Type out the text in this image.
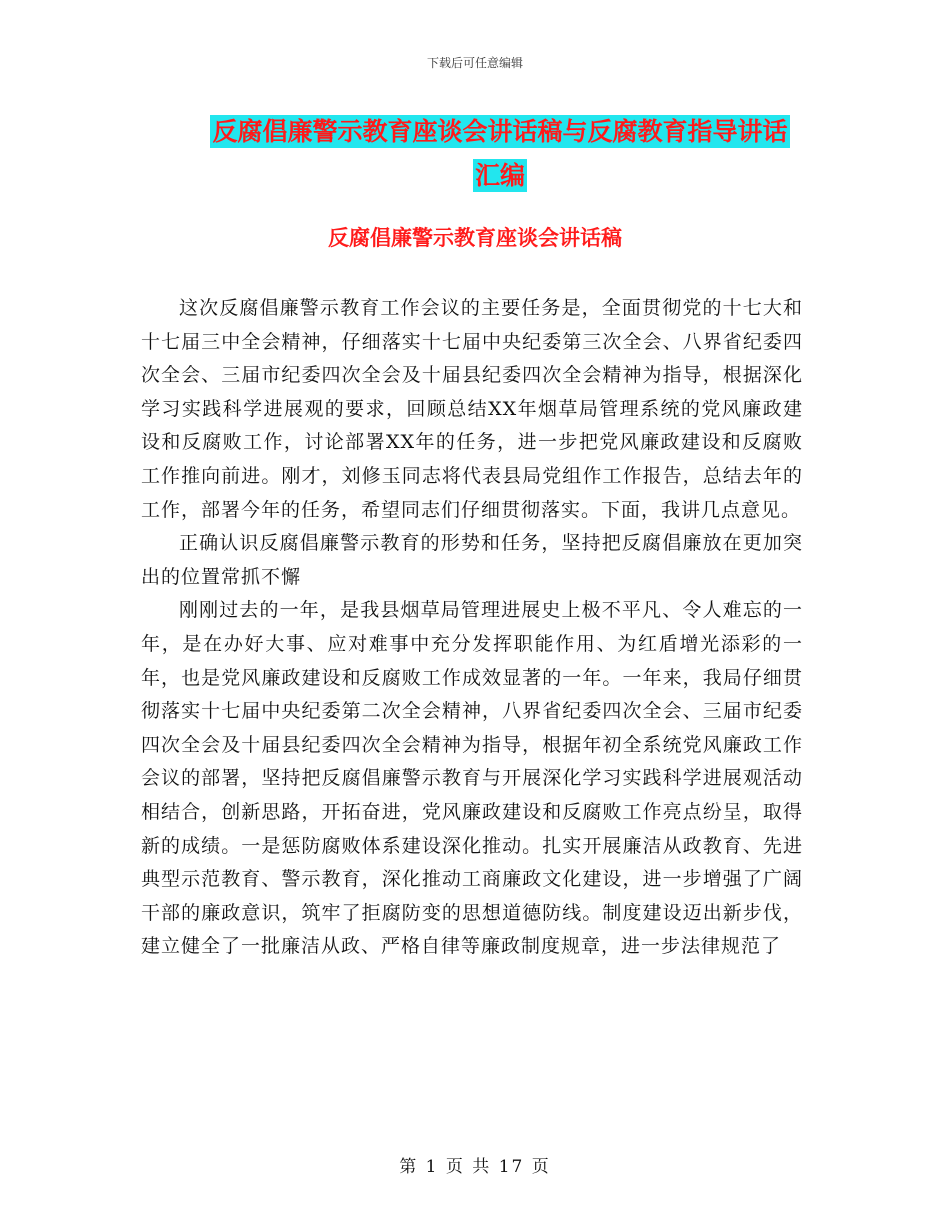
下载后可任意编辑
反腐倡廉警示教育座谈会讲话稿与反腐教育指导讲话
汇编
反腐倡廉警示教育座谈会讲话稿

这次反腐倡廉警示教育工作会议的主要任务是，全面贯彻党的十七大和十七届三中全会精神，仔细落实十七届中央纪委第三次全会、八界省纪委四次全会、三届市纪委四次全会及十届县纪委四次全会精神为指导，根据深化学习实践科学进展观的要求，回顾总结XX年烟草局管理系统的党风廉政建设和反腐败工作，讨论部署XX年的任务，进一步把党风廉政建设和反腐败工作推向前进。刚才，刘修玉同志将代表县局党组作工作报告，总结去年的工作，部署今年的任务，希望同志们仔细贯彻落实。下面，我讲几点意见。

正确认识反腐倡廉警示教育的形势和任务，坚持把反腐倡廉放在更加突出的位置常抓不懈

刚刚过去的一年，是我县烟草局管理进展史上极不平凡、令人难忘的一年，是在办好大事、应对难事中充分发挥职能作用、为红盾增光添彩的一年，也是党风廉政建设和反腐败工作成效显著的一年。一年来，我局仔细贯彻落实十七届中央纪委第二次全会精神，八界省纪委四次全会、三届市纪委四次全会及十届县纪委四次全会精神为指导，根据年初全系统党风廉政工作会议的部署，坚持把反腐倡廉警示教育与开展深化学习实践科学进展观活动相结合，创新思路，开拓奋进，党风廉政建设和反腐败工作亮点纷呈，取得新的成绩。一是惩防腐败体系建设深化推动。扎实开展廉洁从政教育、先进典型示范教育、警示教育，深化推动工商廉政文化建设，进一步增强了广阔干部的廉政意识，筑牢了拒腐防变的思想道德防线。制度建设迈出新步伐，建立健全了一批廉洁从政、严格自律等廉政制度规章，进一步法律规范了

第 1 页 共 17 页
